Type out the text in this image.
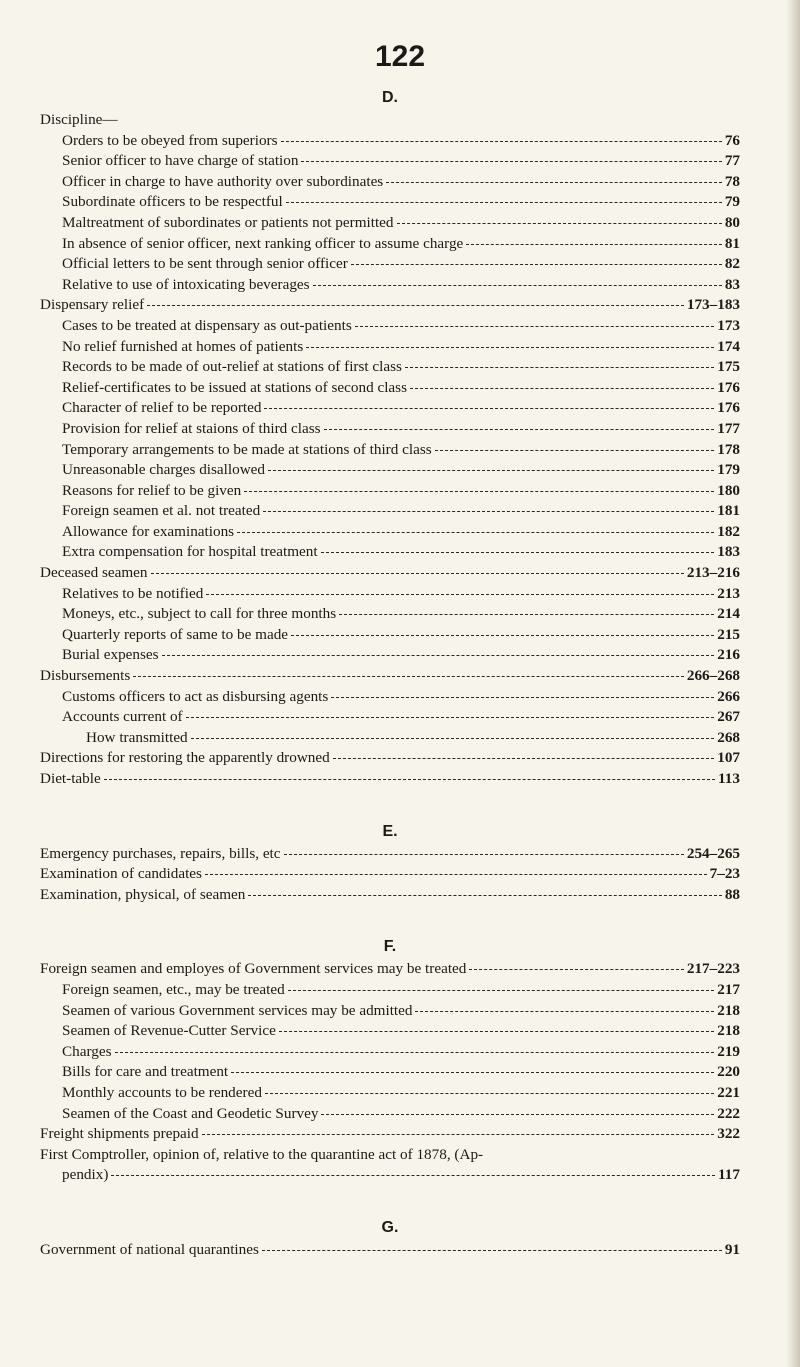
122
D.
Discipline—
Orders to be obeyed from superiors	76
Senior officer to have charge of station	77
Officer in charge to have authority over subordinates	78
Subordinate officers to be respectful	79
Maltreatment of subordinates or patients not permitted	80
In absence of senior officer, next ranking officer to assume charge	81
Official letters to be sent through senior officer	82
Relative to use of intoxicating beverages	83
Dispensary relief	173–183
Cases to be treated at dispensary as out-patients	173
No relief furnished at homes of patients	174
Records to be made of out-relief at stations of first class	175
Relief-certificates to be issued at stations of second class	176
Character of relief to be reported	176
Provision for relief at staions of third class	177
Temporary arrangements to be made at stations of third class	178
Unreasonable charges disallowed	179
Reasons for relief to be given	180
Foreign seamen et al. not treated	181
Allowance for examinations	182
Extra compensation for hospital treatment	183
Deceased seamen	213–216
Relatives to be notified	213
Moneys, etc., subject to call for three months	214
Quarterly reports of same to be made	215
Burial expenses	216
Disbursements	266–268
Customs officers to act as disbursing agents	266
Accounts current of	267
How transmitted	268
Directions for restoring the apparently drowned	107
Diet-table	113
E.
Emergency purchases, repairs, bills, etc	254–265
Examination of candidates	7–23
Examination, physical, of seamen	88
F.
Foreign seamen and employes of Government services may be treated	217–223
Foreign seamen, etc., may be treated	217
Seamen of various Government services may be admitted	218
Seamen of Revenue-Cutter Service	218
Charges	219
Bills for care and treatment	220
Monthly accounts to be rendered	221
Seamen of the Coast and Geodetic Survey	222
Freight shipments prepaid	322
First Comptroller, opinion of, relative to the quarantine act of 1878, (Ap-
pendix)	117
G.
Government of national quarantines	91
